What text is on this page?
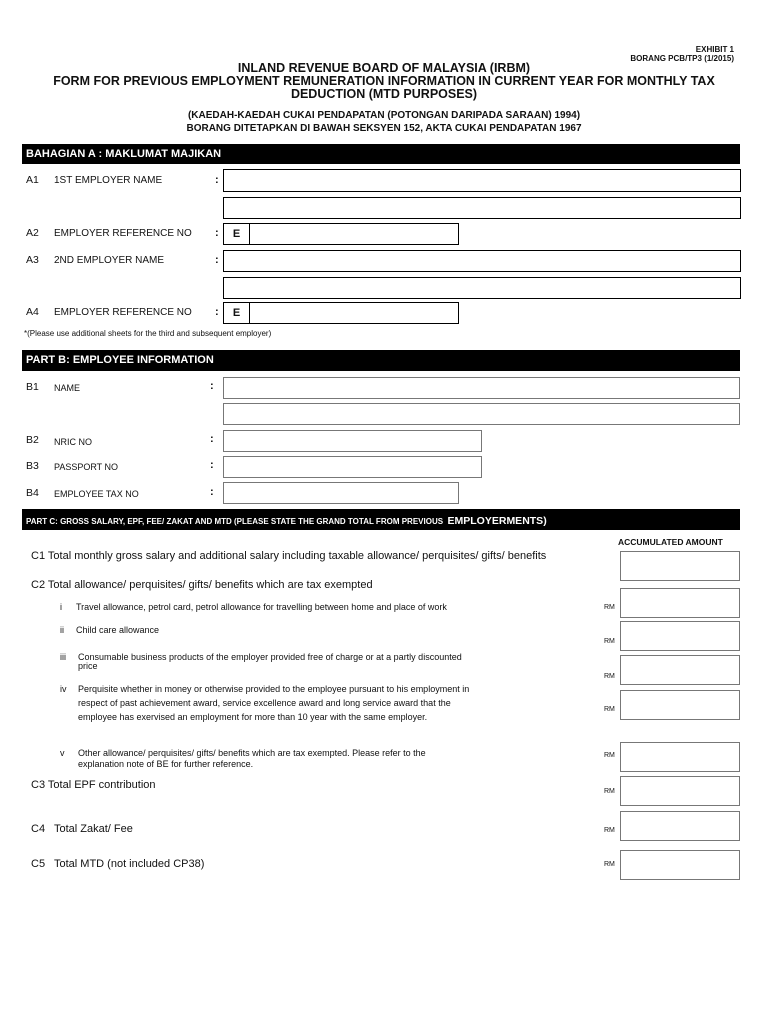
EXHIBIT 1
BORANG PCB/TP3 (1/2015)
INLAND REVENUE BOARD OF MALAYSIA (IRBM)
FORM FOR PREVIOUS EMPLOYMENT REMUNERATION INFORMATION IN CURRENT YEAR FOR MONTHLY TAX
DEDUCTION (MTD PURPOSES)
(KAEDAH-KAEDAH CUKAI PENDAPATAN (POTONGAN DARIPADA SARAAN) 1994)
BORANG DITETAPKAN DI BAWAH SEKSYEN 152, AKTA CUKAI PENDAPATAN 1967
BAHAGIAN A : MAKLUMAT MAJIKAN
A1 1ST EMPLOYER NAME	:
A2 EMPLOYER REFERENCE NO :	E
A3 2ND EMPLOYER NAME	:
A4 EMPLOYER REFERENCE NO :	E
*(Please use additional sheets for the third and subsequent employer)
PART B: EMPLOYEE INFORMATION
B1 NAME	:
B2 NRIC NO	:
B3 PASSPORT NO	:
B4 EMPLOYEE TAX NO	:
PART C: GROSS SALARY, EPF, FEE/ ZAKAT AND MTD (PLEASE STATE THE GRAND TOTAL FROM PREVIOUS EMPLOYERMENTS)
ACCUMULATED AMOUNT
C1 Total monthly gross salary and additional salary including taxable allowance/ perquisites/ gifts/ benefits
C2 Total allowance/ perquisites/ gifts/ benefits which are tax exempted
i Travel allowance, petrol card, petrol allowance for travelling between home and place of work	RM
ii Child care allowance
RM
iii Consumable business products of the employer provided free of charge or at a partly discounted
price
RM
iv Perquisite whether in money or otherwise provided to the employee pursuant to his employment in
respect of past achievement award, service excellence award and long service award that the
employee has exervised an employment for more than 10 year with the same employer.
RM
v Other allowance/ perquisites/ gifts/ benefits which are tax exempted. Please refer to the
explanation note of BE for further reference.
RM
C3 Total EPF contribution
RM
C4 Total Zakat/ Fee	RM
C5 Total MTD (not included CP38)	RM
